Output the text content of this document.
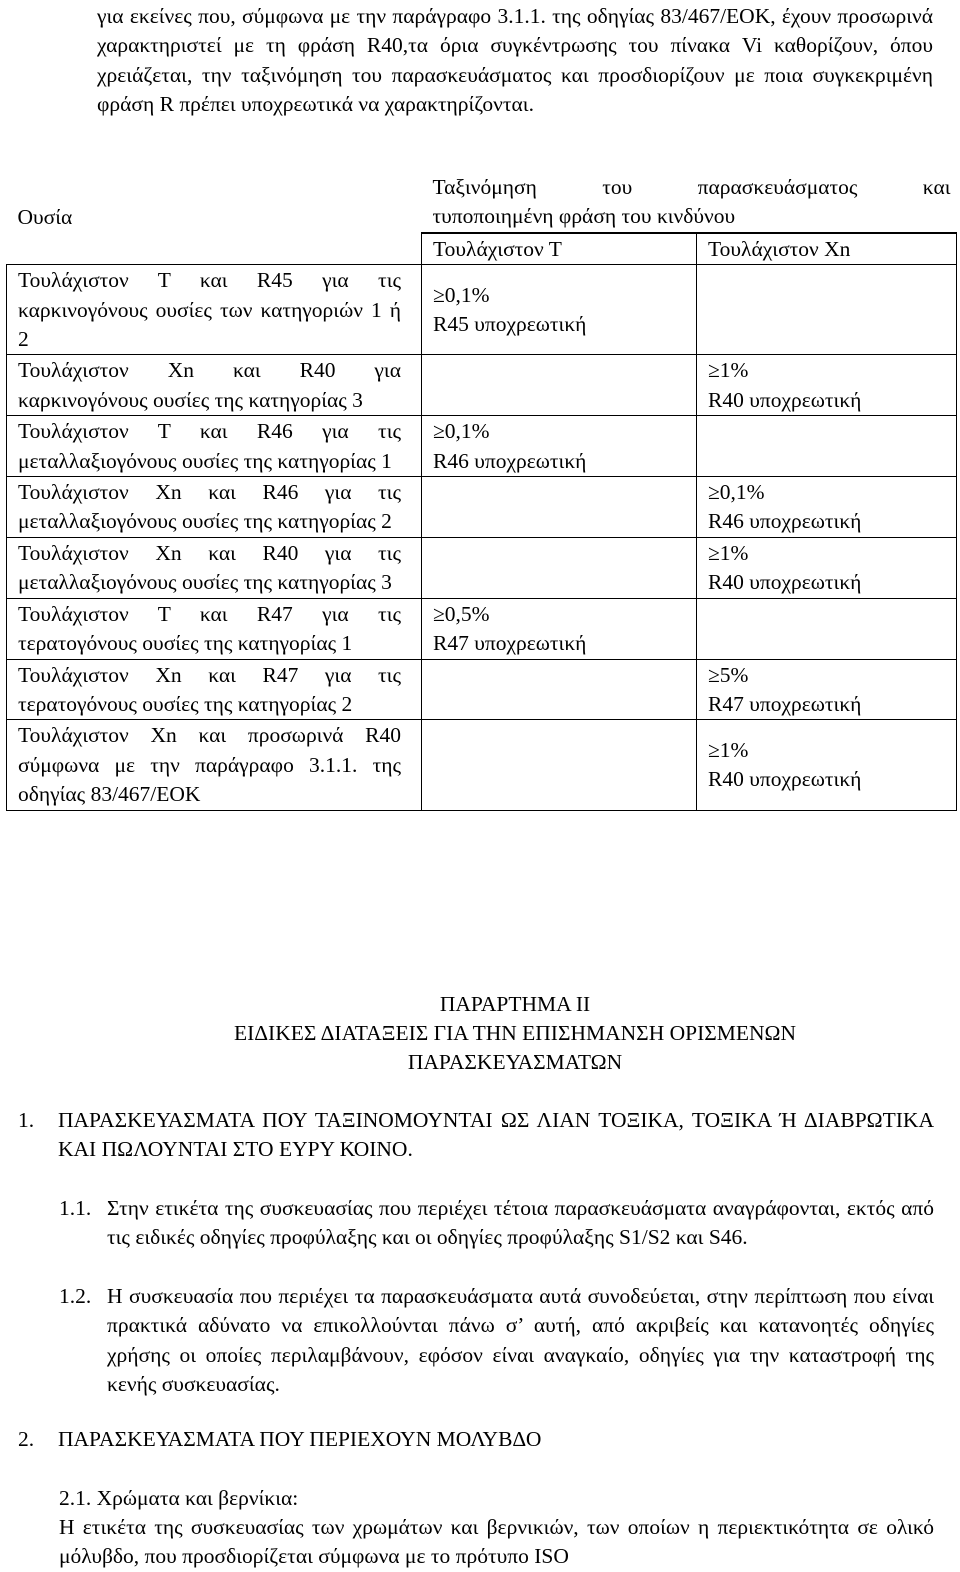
για εκείνες που, σύμφωνα με την παράγραφο 3.1.1. της οδηγίας 83/467/ΕΟΚ, έχουν προσωρινά χαρακτηριστεί με τη φράση R40,τα όρια συγκέντρωσης του πίνακα Vi καθορίζουν, όπου χρειάζεται, την ταξινόμηση του παρασκευάσματος και προσδιορίζουν με ποια συγκεκριμένη φράση R πρέπει υποχρεωτικά να χαρακτηρίζονται.

Ουσία	Ταξινόμηση του παρασκευάσματος και
τυποποιημένη φράση του κινδύνου	

	Τουλάχιστον Τ	Τουλάχιστον Χn
Τουλάχιστον Τ και R45 για τις καρκινογόνους ουσίες των κατηγοριών 1 ή 2	≥0,1%
R45 υποχρεωτική	

Τουλάχιστον Χn και R40 για καρκινογόνους ουσίες της κατηγορίας 3		≥1%
R40 υποχρεωτική

Τουλάχιστον Τ και R46 για τις μεταλλαξιογόνους ουσίες της κατηγορίας 1	≥0,1%
R46 υποχρεωτική	

Τουλάχιστον Χn και R46 για τις μεταλλαξιογόνους ουσίες της κατηγορίας 2		≥0,1%
R46 υποχρεωτική

Τουλάχιστον Χn και R40 για τις μεταλλαξιογόνους ουσίες της κατηγορίας 3		≥1%
R40 υποχρεωτική

Τουλάχιστον Τ και R47 για τις τερατογόνους ουσίες της κατηγορίας 1	≥0,5%
R47 υποχρεωτική	

Τουλάχιστον Χn και R47 για τις τερατογόνους ουσίες της κατηγορίας 2		≥5%
R47 υποχρεωτική

Τουλάχιστον Χn και προσωρινά R40 σύμφωνα με την παράγραφο 3.1.1. της οδηγίας 83/467/ΕΟΚ		≥1%
R40 υποχρεωτική
ΠΑΡΑΡΤΗΜΑ ΙΙ
ΕΙΔΙΚΕΣ ΔΙΑΤΑΞΕΙΣ ΓΙΑ ΤΗΝ ΕΠΙΣΗΜΑΝΣΗ ΟΡΙΣΜΕΝΩΝ
ΠΑΡΑΣΚΕΥΑΣΜΑΤΩΝ
1. ΠΑΡΑΣΚΕΥΑΣΜΑΤΑ ΠΟΥ ΤΑΞΙΝΟΜΟΥΝΤΑΙ ΩΣ ΛΙΑΝ ΤΟΞΙΚΑ, ΤΟΞΙΚΑ Ή ΔΙΑΒΡΩΤΙΚΑ ΚΑΙ ΠΩΛΟΥΝΤΑΙ ΣΤΟ ΕΥΡΥ ΚΟΙΝΟ.
1.1. Στην ετικέτα της συσκευασίας που περιέχει τέτοια παρασκευάσματα αναγράφονται, εκτός από τις ειδικές οδηγίες προφύλαξης και οι οδηγίες προφύλαξης S1/S2 και S46.
1.2. Η συσκευασία που περιέχει τα παρασκευάσματα αυτά συνοδεύεται, στην περίπτωση που είναι πρακτικά αδύνατο να επικολλούνται πάνω σ’ αυτή, από ακριβείς και κατανοητές οδηγίες χρήσης οι οποίες περιλαμβάνουν, εφόσον είναι αναγκαίο, οδηγίες για την καταστροφή της κενής συσκευασίας.
2. ΠΑΡΑΣΚΕΥΑΣΜΑΤΑ ΠΟΥ ΠΕΡΙΕΧΟΥΝ ΜΟΛΥΒΔΟ
2.1. Χρώματα και βερνίκια:
Η ετικέτα της συσκευασίας των χρωμάτων και βερνικιών, των οποίων η περιεκτικότητα σε ολικό μόλυβδο, που προσδιορίζεται σύμφωνα με το πρότυπο ISO
